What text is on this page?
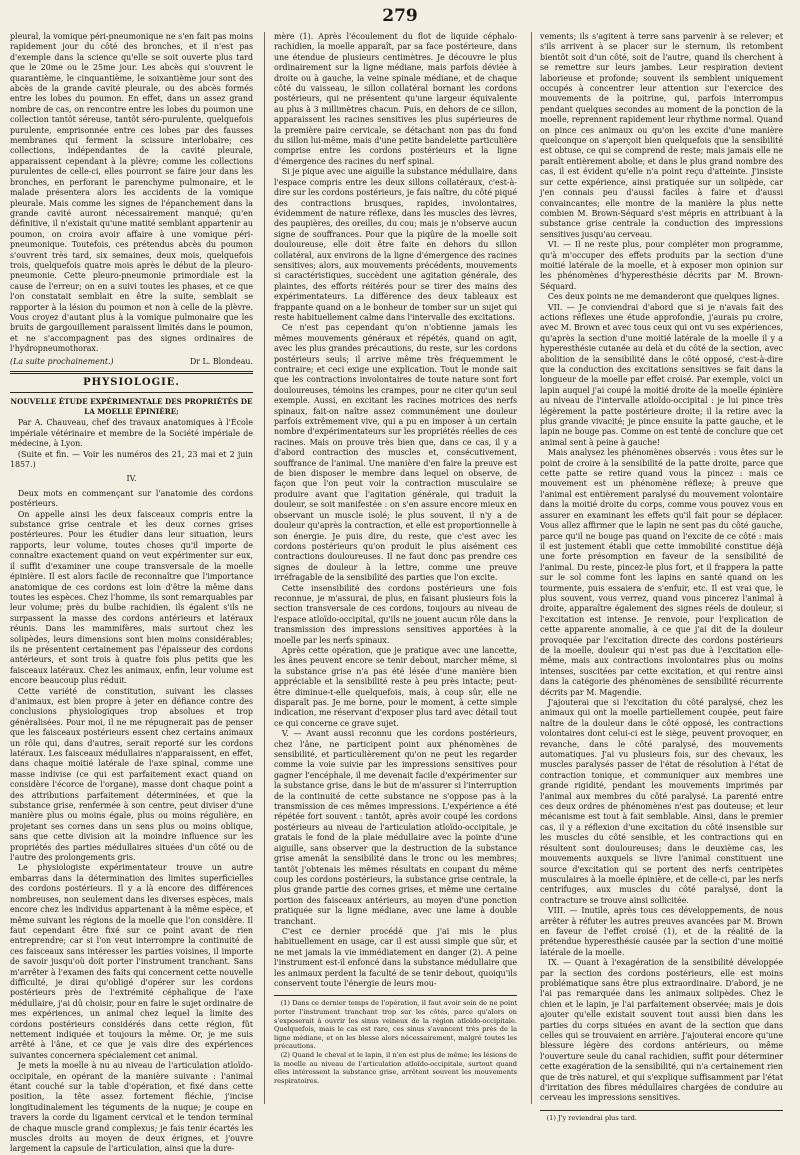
279

pleural, la vomique péri-pneumonique ne s'en fait pas moins rapidement jour du côté des bronches, et il n'est pas d'exemple dans la science qu'elle se soit ouverte plus tard que le 20me ou le 25me jour. Les abcès qui s'ouvrent le quarantième, le cinquantième, le soixantième jour sont des abcès de la grande cavité pleurale, ou des abcès formés entre les lobes du poumon. En effet, dans un assez grand nombre de cas, on rencontre entre les lobes du poumon une collection tantôt séreuse, tantôt séro-purulente, quelquefois purulente, emprisonnée entre ces lobes par des fausses membranes qui ferment la scissure interlobaire; ces collections, indépendantes de la cavité pleurale, apparaissent cependant à la plèvre; comme les collections purulentes de celle-ci, elles pourront se faire jour dans les bronches, en perforant le parenchyme pulmonaire, et le malade présentera alors les accidents de la vomique pleurale. Mais comme les signes de l'épanchement dans la grande cavité auront nécessairement manqué; qu'en définitive, il n'existait qu'une matité semblant appartenir au poumon, on croira avoir affaire à une vomique péri-pneumonique. Toutefois, ces prétendus abcès du poumon s'ouvrent très tard, six semaines, deux mois, quelquefois trois, quelquefois quatre mois après le début de la pleuro-pneumonie. Cette pleuro-pneumonie primordiale est la cause de l'erreur; on en a suivi toutes les phases, et ce que l'on constatait semblait en être la suite, semblait se rapporter à la lésion du poumon et non à celle de la plèvre. Vous croyez d'autant plus à la vomique pulmonaire que les bruits de gargouillement paraissent limités dans le poumon, et ne s'accompagnent pas des signes ordinaires de l'hydropneumothorax.

(La suite prochainement.)	Dr L. Blondeau.
PHYSIOLOGIE.
NOUVELLE ÉTUDE EXPÉRIMENTALE DES PROPRIÉTÉS DE LA MOELLE ÉPINIÈRE;

Par A. Chauveau, chef des travaux anatomiques à l'École impériale vétérinaire et membre de la Société impériale de médecine, à Lyon.

(Suite et fin. — Voir les numéros des 21, 23 mai et 2 juin 1857.)

IV.

Deux mots en commençant sur l'anatomie des cordons postérieurs.

On appelle ainsi les deux faisceaux compris entre la substance grise centrale et les deux cornes grises postérieures. Pour les étudier dans leur situation, leurs rapports, leur volume, toutes choses qu'il importe de connaître exactement quand on veut expérimenter sur eux, il suffit d'examiner une coupe transversale de la moelle épinière. Il est alors facile de reconnaître que l'importance anatomique de ces cordons est loin d'être la même dans toutes les espèces. Chez l'homme, ils sont remarquables par leur volume; près du bulbe rachidien, ils égalent s'ils ne surpassent la masse des cordons antérieurs et latéraux réunis. Dans les mammifères, mais surtout chez les solipèdes, leurs dimensions sont bien moins considérables; ils ne présentent certainement pas l'épaisseur des cordons antérieurs, et sont trois à quatre fois plus petits que les faisceaux latéraux. Chez les animaux, enfin, leur volume est encore beaucoup plus réduit.

Cette variété de constitution, suivant les classes d'animaux, est bien propre à jeter en défiance contre des conclusions physiologiques trop absolues et trop généralisées. Pour moi, il ne me répugnerait pas de penser que les faisceaux postérieurs essent chez certains animaux un rôle qui, dans d'autres, serait reporté sur les cordons latéraux. Les faisceaux médullaires n'apparaissent, en effet, dans chaque moitié latérale de l'axe spinal, comme une masse indivise (ce qui est parfaitement exact quand on considère l'écorce de l'organe), masse dont chaque point a des attributions parfaitement déterminées, et que la substance grise, renfermée à son centre, peut diviser d'une manière plus ou moins égale, plus ou moins régulière, en projetant ses cornes dans un sens plus ou moins oblique, sans que cette division ait la moindre influence sur les propriétés des parties médullaires situées d'un côté ou de l'autre des prolongements gris.

Le physiologiste expérimentateur trouve un autre embarras dans la détermination des limites superficielles des cordons postérieurs. Il y a là encore des différences nombreuses, non seulement dans les diverses espèces, mais encore chez les individus appartenant à la même espèce, et même suivant les régions de la moelle que l'on considère. Il faut cependant être fixé sur ce point avant de rien entreprendre; car si l'on veut interrompre la continuité de ces faisceaux sans intéresser les parties voisines, il importe de savoir jusqu'où doit porter l'instrument tranchant. Sans m'arrêter à l'examen des faits qui concernent cette nouvelle difficulté, je dirai qu'obligé d'opérer sur les cordons postérieurs près de l'extrémité céphalique de l'axe médullaire, j'ai dû choisir, pour en faire le sujet ordinaire de mes expériences, un animal chez lequel la limite des cordons postérieurs considérés dans cette région, fût nettement indiquée et toujours la même. Or, je me suis arrêté à l'âne, et ce que je vais dire des expériences suivantes concernera spécialement cet animal.

Je mets la moelle à nu au niveau de l'articulation atloïdo-occipitale, en opérant de la manière suivante : l'animal étant couché sur la table d'opération, et fixé dans cette position, la tête assez fortement fléchie, j'incise longitudinalement les téguments de la nuque; je coupe en travers la corde du ligament cervical et le tendon terminal de chaque muscle grand complexus; je fais tenir écartés les muscles droits au moyen de deux érignes, et j'ouvre largement la capsule de l'articulation, ainsi que la dure-

mère (1). Après l'écoulement du flot de liquide céphalo-rachidien, la moelle apparaît, par sa face postérieure, dans une étendue de plusieurs centimètres. Je découvre le plus ordinairement sur la ligne médiane, mais parfois déviée à droite ou à gauche, la veine spinale médiane, et de chaque côté du vaisseau, le sillon collatéral bornant les cordons postérieurs, qui ne présentent qu'une largeur équivalente au plus à 3 millimètres chacun. Puis, en dehors de ce sillon, apparaissent les racines sensitives les plus supérieures de la première paire cervicale, se détachant non pas du fond du sillon lui-même, mais d'une petite bandelette particulière comprise entre les cordons postérieurs et la ligne d'émergence des racines du nerf spinal.

Si je pique avec une aiguille la substance médullaire, dans l'espace compris entre les deux sillons collatéraux, c'est-à-dire sur les cordons postérieurs, je fais naître, du côté piqué des contractions brusques, rapides, involontaires, évidemment de nature réflexe, dans les muscles des lèvres, des paupières, des oreilles, du cou; mais je n'observe aucun signe de souffrances. Pour que la piqûre de la moelle soit douloureuse, elle doit être faite en dehors du sillon collatéral, aux environs de la ligne d'émergence des racines sensitives; alors, aux mouvements précédents, mouvements si caractéristiques, succèdent une agitation générale, des plaintes, des efforts réitérés pour se tirer des mains des expérimentateurs. La différence des deux tableaux est frappante quand on a le bonheur de tomber sur un sujet qui reste habituellement calme dans l'intervalle des excitations.

Ce n'est pas cependant qu'on n'obtienne jamais les mêmes mouvements généraux et répétés, quand on agit, avec les plus grandes précautions, du reste, sur les cordons postérieurs seuls; il arrive même très fréquemment le contraire; et ceci exige une explication. Tout le monde sait que les contractions involontaires de toute nature sont fort douloureuses, témoins les crampes, pour ne citer qu'un seul exemple. Aussi, en excitant les racines motrices des nerfs spinaux, fait-on naître assez communément une douleur parfois extrêmement vive, qui a pu en imposer à un certain nombre d'expérimentateurs sur les propriétés réelles de ces racines. Mais on prouve très bien que, dans ce cas, il y a d'abord contraction des muscles et, consécutivement, souffrance de l'animal. Une manière d'en faire la preuve est de bien disposer le membre dans lequel on observe, de façon que l'on peut voir la contraction musculaire se produire avant que l'agitation générale, qui traduit la douleur, se soit manifestée : on s'en assure encore mieux en observant un muscle isolé; le plus souvent, il n'y a de douleur qu'après la contraction, et elle est proportionnelle à son énergie. Je puis dire, du reste, que c'est avec les cordons postérieurs qu'on produit le plus aisément ces contractions douloureuses. Il ne faut donc pas prendre ces signes de douleur à la lettre, comme une preuve irréfragable de la sensibilité des parties que l'on excite.

Cette insensibilité des cordons postérieurs une fois reconnue, je m'assurai, de plus, en faisant plusieurs fois la section transversale de ces cordons, toujours au niveau de l'espace atloïdo-occipital, qu'ils ne jouent aucun rôle dans la transmission des impressions sensitives apportées à la moelle par les nerfs spinaux.

Après cette opération, que je pratique avec une lancette, les ânes peuvent encore se tenir debout, marcher même, si la substance grise n'a pas été lésée d'une manière bien appréciable et la sensibilité reste à peu près intacte; peut-être diminue-t-elle quelquefois, mais, à coup sûr, elle ne disparaît pas. Je me borne, pour le moment, à cette simple indication, me réservant d'exposer plus tard avec détail tout ce qui concerne ce grave sujet.

V. — Avant aussi reconnu que les cordons postérieurs, chez l'âne, ne participent point aux phénomènes de sensibilité, et particulièrement qu'on ne peut les regarder comme la voie suivie par les impressions sensitives pour gagner l'encéphale, il me devenait facile d'expérimenter sur la substance grise, dans le but de m'assurer si l'interruption de la continuité de cette substance ne s'oppose pas à la transmission de ces mêmes impressions. L'expérience a été répétée fort souvent : tantôt, après avoir coupé les cordons postérieurs au niveau de l'articulation atloïdo-occipitale, je gratais le fond de la plaie médullaire avec la pointe d'une aiguille, sans observer que la destruction de la substance grise amenât la sensibilité dans le tronc ou les membres; tantôt j'obtenais les mêmes résultats en coupant du même coup les cordons postérieurs, la substance grise centrale, la plus grande partie des cornes grises, et même une certaine portion des faisceaux antérieurs, au moyen d'une ponction pratiquée sur la ligne médiane, avec une lame à double tranchant.

C'est ce dernier procédé que j'ai mis le plus habituellement en usage, car il est aussi simple que sûr, et ne met jamais la vie immédiatement en danger (2). A peine l'instrument est-il enfoncé dans la substance médullaire que les animaux perdent la faculté de se tenir debout, quoiqu'ils conservent toute l'énergie de leurs mou-

(1) Dans ce dernier temps de l'opération, il faut avoir soin de ne point porter l'instrument tranchant trop sur les côtés, parce qu'alors on s'exposerait à ouvrir les sinus veineux de la région atloïdo-occipitale. Quelquefois, mais le cas est rare, ces sinus s'avancent très près de la ligne médiane, et on les blesse alors nécessairement, malgré toutes les précautions.

(2) Quand le cheval et le lapin, il n'en est plus de même; les lésions de la moelle au niveau de l'articulation atloïdo-occipitale, surtout quand elles intéressent la substance grise, arrêtent souvent les mouvements respiratoires.

vements; ils s'agitent à terre sans parvenir à se relever; et s'ils arrivent à se placer sur le sternum, ils retombent bientôt soit d'un côté, soit de l'autre, quand ils cherchent à se remettre sur leurs jambes. Leur respiration devient laborieuse et profonde; souvent ils semblent uniquement occupés à concentrer leur attention sur l'exercice des mouvements de la poitrine, qui, parfois interrompus pendant quelques secondes au moment de la ponction de la moelle, reprennent rapidement leur rhythme normal. Quand on pince ces animaux ou qu'on les excite d'une manière quelconque on s'aperçoit bien quelquefois que la sensibilité est obtuse, ce qui se comprend de reste; mais jamais elle ne paraît entièrement abolie; et dans le plus grand nombre des cas, il est évident qu'elle n'a point reçu d'atteinte. J'insiste sur cette expérience, ainsi pratiquée sur un solipède, car j'en connais peu d'aussi faciles à faire et d'aussi convaincantes; elle montre de la manière la plus nette combien M. Brown-Séquard s'est mépris en attribuant à la substance grise centrale la conduction des impressions sensitives jusqu'au cerveau.

VI. — Il ne reste plus, pour compléter mon programme, qu'à m'occuper des effets produits par la section d'une moitié latérale de la moelle, et à exposer mon opinion sur les phénomènes d'hyperesthésie décrits par M. Brown-Séquard.

Ces deux points ne me demanderont que quelques lignes.

VII. — Je conviendrai d'abord que si je n'avais fait des actions réflexes une étude approfondie, j'aurais pu croire, avec M. Brown et avec tous ceux qui ont vu ses expériences, qu'après la section d'une moitié latérale de la moelle il y a hyperesthésie cutanée au delà et du côté de la section, avec abolition de la sensibilité dans le côté opposé, c'est-à-dire que la conduction des excitations sensitives se fait dans la longueur de la moelle par effet croisé. Par exemple, voici un lapin auquel j'ai coupé la moitié droite de la moelle épinière au niveau de l'intervalle atloïdo-occipital : je lui pince très légèrement la patte postérieure droite; il la retire avec la plus grande vivacité; je pince ensuite la patte gauche, et le lapin ne bouge pas. Comme on est tenté de conclure que cet animal sent à peine à gauche!

Mais analysez les phénomènes observés : vous êtes sur le point de croire à la sensibilité de la patte droite, parce que cette patte se retire quand vous la pincez : mais ce mouvement est un phénomène réflexe; à preuve que l'animal est entièrement paralysé du mouvement volontaire dans la moitié droite du corps, comme vous pouvez vous en assurer en examinant les effets qu'il fait pour se déplacer. Vous allez affirmer que le lapin ne sent pas du côté gauche, parce qu'il ne bouge pas quand on l'excite de ce côté : mais il est justement établi que cette immobilité constitue déjà une forte présomption en faveur de la sensibilité de l'animal. Du reste, pincez-le plus fort, et il frappera la patte sur le sol comme font les lapins en santé quand on les tourmente, puis essaiera de s'enfuir, etc. Il est vrai que, le plus souvent, vous verrez, quand vous pincerez l'animal à droite, apparaître également des signes réels de douleur, si l'excitation est intense. Je renvoie, pour l'explication de cette apparente anomalie, à ce que j'ai dit de la douleur provoquée par l'excitation directe des cordons postérieurs de la moelle, douleur qui n'est pas due à l'excitation elle-même, mais aux contractions involontaires plus ou moins intenses, suscitées par cette excitation, et qui rentre ainsi dans la catégorie des phénomènes de sensibilité récurrente décrits par M. Magendie.

J'ajouterai que si l'excitation du côté paralysé, chez les animaux qui ont la moelle partiellement coupée, peut faire naître de la douleur dans le côté opposé, les contractions volontaires dont celui-ci est le siège, peuvent provoquer, en revanche, dans le côté paralysé, des mouvements automatiques. J'ai vu plusieurs fois, sur des chevaux, les muscles paralysés passer de l'état de résolution à l'état de contraction tonique, et communiquer aux membres une grande rigidité, pendant les mouvements imprimés par l'animal aux membres du côté paralysé. La parenté entre ces deux ordres de phénomènes n'est pas douteuse; et leur mécanisme est tout à fait semblable. Ainsi, dans le premier cas, il y a réflexion d'une excitation du côté insensible sur les muscles du côté sensible, et les contractions qui en résultent sont douloureuses; dans le deuxième cas, les mouvements auxquels se livre l'animal constituent une source d'excitation qui se portent des nerfs centripètes musculaires à la moelle épinière, et de celle-ci, par les nerfs centrifuges, aux muscles du côté paralysé, dont la contracture se trouve ainsi sollicitée.

VIII. — Inutile, après tous ces développements, de nous arrêter à réfuter les autres preuves avancées par M. Brown en faveur de l'effet croisé (1), et de la réalité de la prétendue hyperesthésie causée par la section d'une moitié latérale de la moelle.

IX. — Quant à l'exagération de la sensibilité développée par la section des cordons postérieurs, elle est moins problématique sans être plus extraordinaire. D'abord, je ne l'ai pas remarquée dans les animaux solipèdes. Chez le chien et le lapin, je l'ai parfaitement observée; mais je dois ajouter qu'elle existait souvent tout aussi bien dans les parties du corps situées en avant de la section que dans celles qui se trouvaient en arrière. J'ajouterai encore qu'une blessure légère des cordons antérieurs, ou même l'ouverture seule du canal rachidien, suffit pour déterminer cette exagération de la sensibilité, qui n'a certainement rien que de très naturel, et qui s'explique suffisamment par l'état d'irritation des fibres médullaires chargées de conduire au cerveau les impressions sensitives.

(1) J'y reviendrai plus tard.
